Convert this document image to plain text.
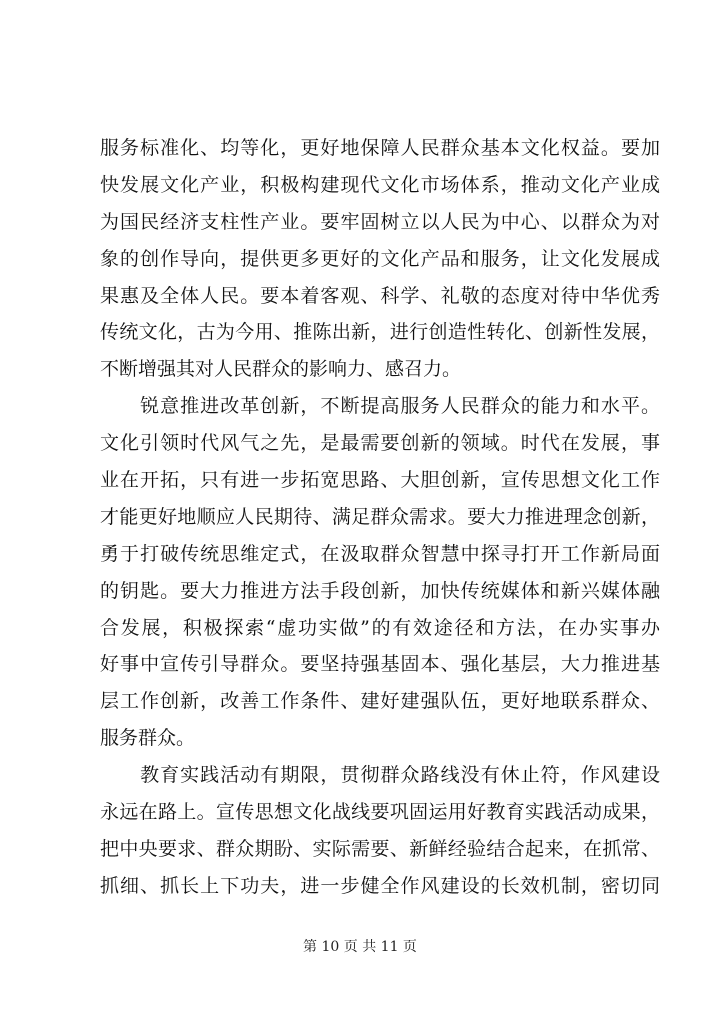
服务标准化、均等化，更好地保障人民群众基本文化权益。要加
快发展文化产业，积极构建现代文化市场体系，推动文化产业成
为国民经济支柱性产业。要牢固树立以人民为中心、以群众为对
象的创作导向，提供更多更好的文化产品和服务，让文化发展成
果惠及全体人民。要本着客观、科学、礼敬的态度对待中华优秀
传统文化，古为今用、推陈出新，进行创造性转化、创新性发展，
不断增强其对人民群众的影响力、感召力。
　　锐意推进改革创新，不断提高服务人民群众的能力和水平。
文化引领时代风气之先，是最需要创新的领域。时代在发展，事
业在开拓，只有进一步拓宽思路、大胆创新，宣传思想文化工作
才能更好地顺应人民期待、满足群众需求。要大力推进理念创新，
勇于打破传统思维定式，在汲取群众智慧中探寻打开工作新局面
的钥匙。要大力推进方法手段创新，加快传统媒体和新兴媒体融
合发展，积极探索“虚功实做”的有效途径和方法，在办实事办
好事中宣传引导群众。要坚持强基固本、强化基层，大力推进基
层工作创新，改善工作条件、建好建强队伍，更好地联系群众、
服务群众。
　　教育实践活动有期限，贯彻群众路线没有休止符，作风建设
永远在路上。宣传思想文化战线要巩固运用好教育实践活动成果，
把中央要求、群众期盼、实际需要、新鲜经验结合起来，在抓常、
抓细、抓长上下功夫，进一步健全作风建设的长效机制，密切同
第 10 页 共 11 页
